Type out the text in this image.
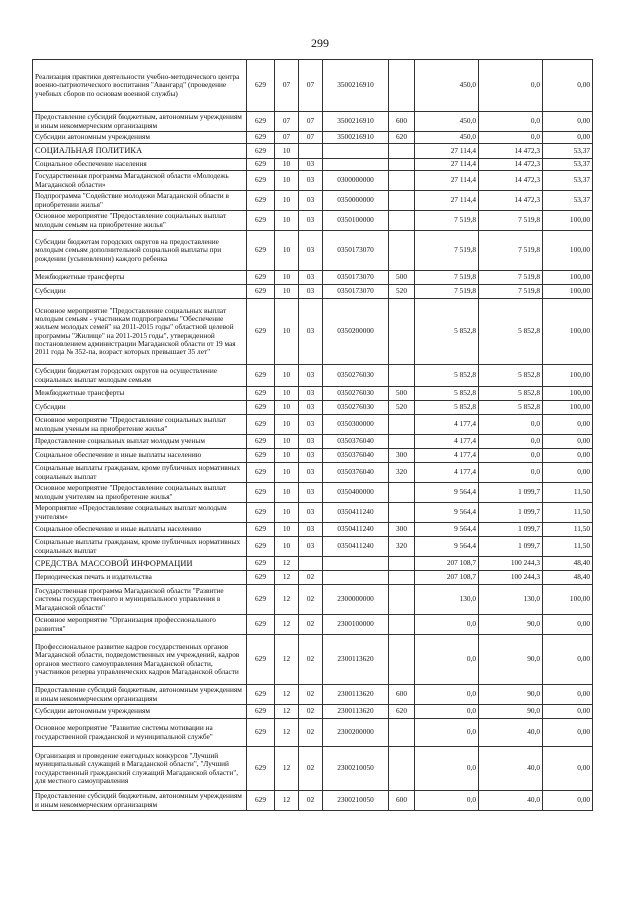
299
Реализация практики деятельности учебно-методического центра военно-патриотического воспитания "Авангард" (проведение учебных сборов по основам военной службы)	629	07	07	3500216910		450,0	0,0	0,00
Предоставление субсидий бюджетным, автономным учреждениям и иным некоммерческим организациям	629	07	07	3500216910	600	450,0	0,0	0,00
Субсидии автономным учреждениям	629	07	07	3500216910	620	450,0	0,0	0,00
СОЦИАЛЬНАЯ ПОЛИТИКА	629	10				27 114,4	14 472,3	53,37
Социальное обеспечение населения	629	10	03			27 114,4	14 472,3	53,37
Государственная программа Магаданской области «Молодежь Магаданской области»	629	10	03	0300000000		27 114,4	14 472,3	53,37
Подпрограмма "Содействие молодежи Магаданской области в приобретении жилья"	629	10	03	0350000000		27 114,4	14 472,3	53,37
Основное мероприятие "Предоставление социальных выплат молодым семьям на приобретение жилья"	629	10	03	0350100000		7 519,8	7 519,8	100,00
Субсидии бюджетам городских округов на предоставление молодым семьям дополнительной социальной выплаты при рождении (усыновлении) каждого ребенка	629	10	03	0350173070		7 519,8	7 519,8	100,00
Межбюджетные трансферты	629	10	03	0350173070	500	7 519,8	7 519,8	100,00
Субсидии	629	10	03	0350173070	520	7 519,8	7 519,8	100,00
Основное мероприятие "Предоставление социальных выплат молодым семьям - участникам подпрограммы "Обеспечение жильем молодых семей" на 2011-2015 годы" областной целевой программы "Жилище" на 2011-2015 годы", утвержденной постановлением администрации Магаданской области от 19 мая 2011 года № 352-па, возраст которых превышает 35 лет"	629	10	03	0350200000		5 852,8	5 852,8	100,00
Субсидии бюджетам городских округов на осуществление социальных выплат молодым семьям	629	10	03	0350276030		5 852,8	5 852,8	100,00
Межбюджетные трансферты	629	10	03	0350276030	500	5 852,8	5 852,8	100,00
Субсидии	629	10	03	0350276030	520	5 852,8	5 852,8	100,00
Основное мероприятие "Предоставление социальных выплат молодым ученым на приобретение жилья"	629	10	03	0350300000		4 177,4	0,0	0,00
Предоставление социальных выплат молодым ученым	629	10	03	0350376040		4 177,4	0,0	0,00
Социальное обеспечение и иные выплаты населению	629	10	03	0350376040	300	4 177,4	0,0	0,00
Социальные выплаты гражданам, кроме публичных нормативных социальных выплат	629	10	03	0350376040	320	4 177,4	0,0	0,00
Основное мероприятие "Предоставление социальных выплат молодым учителям на приобретение жилья"	629	10	03	0350400000		9 564,4	1 099,7	11,50
Мероприятие «Предоставление социальных выплат молодым учителям»	629	10	03	0350411240		9 564,4	1 099,7	11,50
Социальное обеспечение и иные выплаты населению	629	10	03	0350411240	300	9 564,4	1 099,7	11,50
Социальные выплаты гражданам, кроме публичных нормативных социальных выплат	629	10	03	0350411240	320	9 564,4	1 099,7	11,50
СРЕДСТВА МАССОВОЙ ИНФОРМАЦИИ	629	12				207 108,7	100 244,3	48,40
Периодическая печать и издательства	629	12	02			207 108,7	100 244,3	48,40
Государственная программа Магаданской области "Развитие системы государственного и муниципального управления в Магаданской области"	629	12	02	2300000000		130,0	130,0	100,00
Основное мероприятие "Организация профессионального развития"	629	12	02	2300100000		0,0	90,0	0,00
Профессиональное развитие кадров государственных органов Магаданской области, подведомственных им учреждений, кадров органов местного самоуправления Магаданской области, участников резерва управленческих кадров Магаданской области	629	12	02	2300113620		0,0	90,0	0,00
Предоставление субсидий бюджетным, автономным учреждениям и иным некоммерческим организациям	629	12	02	2300113620	600	0,0	90,0	0,00
Субсидии автономным учреждениям	629	12	02	2300113620	620	0,0	90,0	0,00
Основное мероприятие "Развитие системы мотивации на государственной гражданской и муниципальной службе"	629	12	02	2300200000		0,0	40,0	0,00
Организация и проведение ежегодных конкурсов "Лучший муниципальный служащий в Магаданской области", "Лучший государственный гражданский служащий Магаданской области", для местного самоуправления	629	12	02	2300210050		0,0	40,0	0,00
Предоставление субсидий бюджетным, автономным учреждениям и иным некоммерческим организациям	629	12	02	2300210050	600	0,0	40,0	0,00
